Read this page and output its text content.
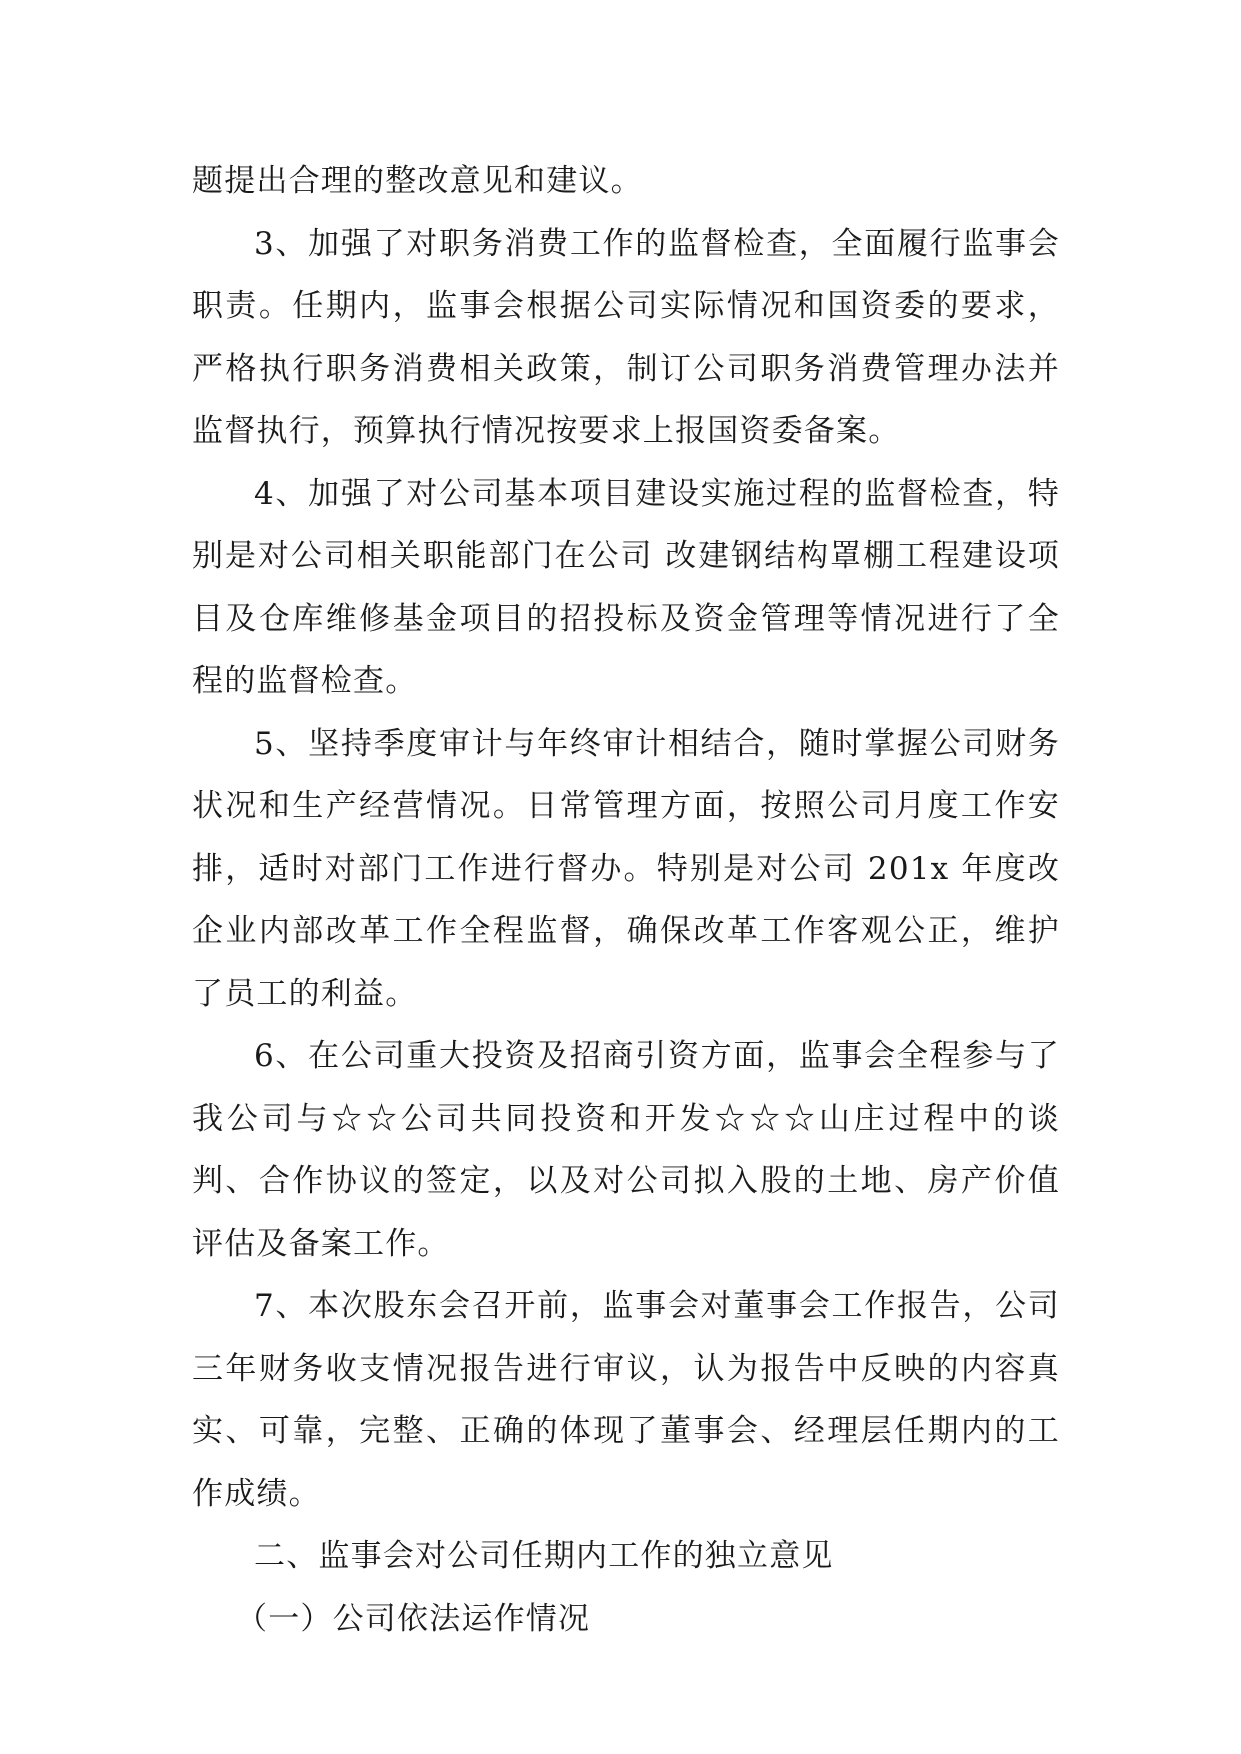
题提出合理的整改意见和建议。

3、加强了对职务消费工作的监督检查，全面履行监事会职责。任期内，监事会根据公司实际情况和国资委的要求，严格执行职务消费相关政策，制订公司职务消费管理办法并监督执行，预算执行情况按要求上报国资委备案。

4、加强了对公司基本项目建设实施过程的监督检查，特别是对公司相关职能部门在公司 改建钢结构罩棚工程建设项目及仓库维修基金项目的招投标及资金管理等情况进行了全程的监督检查。

5、坚持季度审计与年终审计相结合，随时掌握公司财务状况和生产经营情况。日常管理方面，按照公司月度工作安排，适时对部门工作进行督办。特别是对公司 201x 年度改企业内部改革工作全程监督，确保改革工作客观公正，维护了员工的利益。

6、在公司重大投资及招商引资方面，监事会全程参与了我公司与☆☆公司共同投资和开发☆☆☆山庄过程中的谈判、合作协议的签定，以及对公司拟入股的土地、房产价值评估及备案工作。

7、本次股东会召开前，监事会对董事会工作报告，公司三年财务收支情况报告进行审议，认为报告中反映的内容真实、可靠，完整、正确的体现了董事会、经理层任期内的工作成绩。

二、监事会对公司任期内工作的独立意见

（一）公司依法运作情况
